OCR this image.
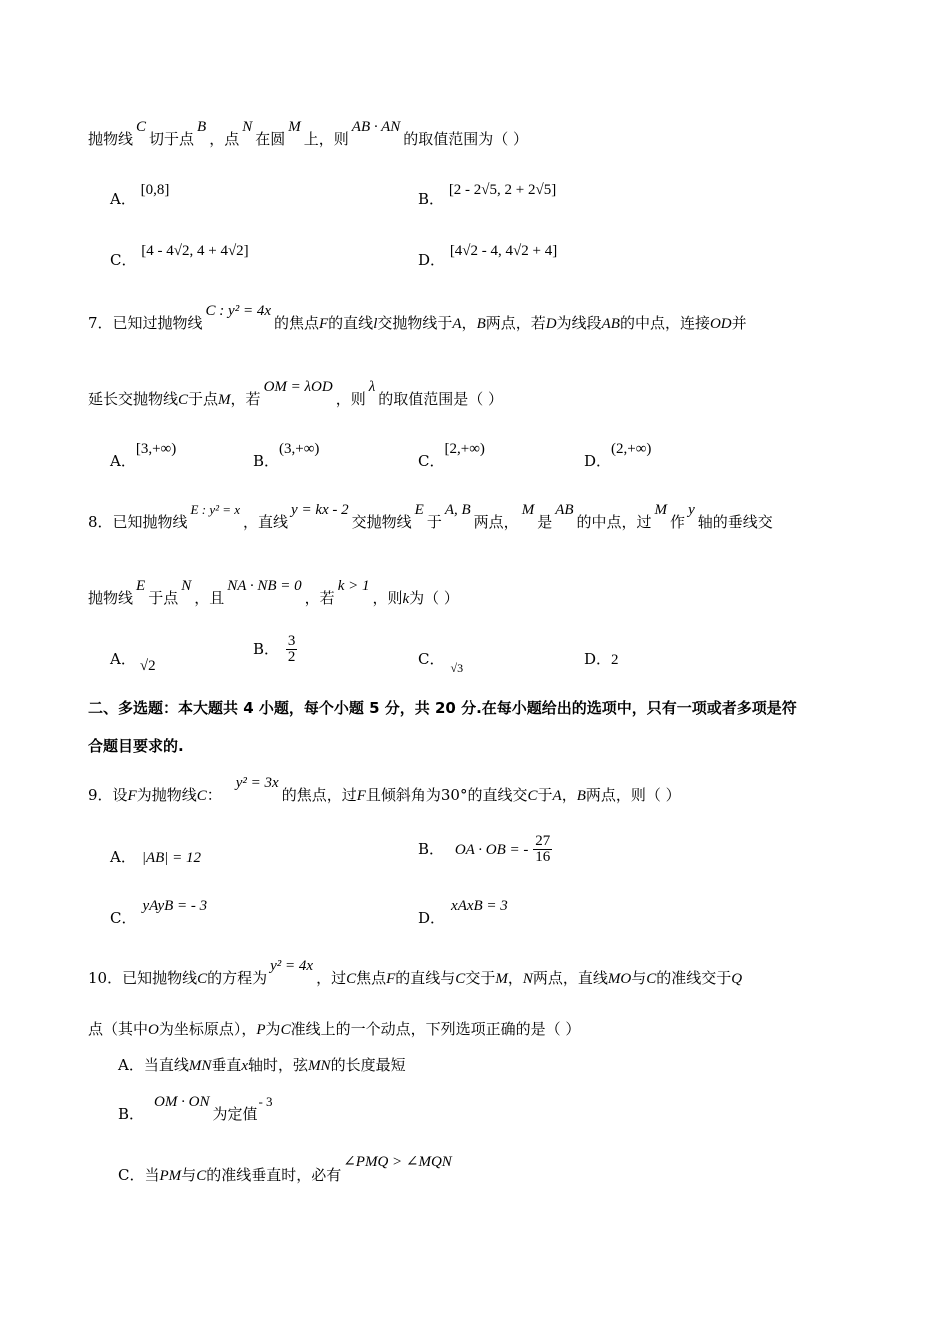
抛物线C切于点B，点N在圆M上，则AB · AN的取值范围为（ ）
A． [0,8]	B． [2 - 2√5, 2 + 2√5]
C． [4 - 4√2, 4 + 4√2]	D． [4√2 - 4, 4√2 + 4]
7．已知过抛物线C : y² = 4x的焦点F的直线l交抛物线于A，B两点，若D为线段AB的中点，连接OD并
延长交抛物线C于点M，若OM = λOD，则λ的取值范围是（ ）
A．[3,+∞)
B．(3,+∞)
C．[2,+∞)
D．(2,+∞)
8．已知抛物线E : y² = x，直线y = kx - 2交抛物线E于A, B两点，M是AB的中点，过M作y轴的垂线交
抛物线E于点N，且NA · NB = 0，若k > 1，则k为（ ）
A． √2
B． $\frac{3}{2}$	C． $_{√3}$	D．2
二、多选题：本大题共 4 小题，每个小题 5 分，共 20 分.在每小题给出的选项中，只有一项或者多项是符
合题目要求的.
9．设F为抛物线C：y² = 3x的焦点，过F且倾斜角为30°的直线交C于A，B两点，则（ ）
A． |AB| = 12
B． OA · OB = - $\frac{27}{16}$
C．yAyB = - 3
D．xAxB = 3
10．已知抛物线C的方程为y² = 4x，过C焦点F的直线与C交于M，N两点，直线MO与C的准线交于Q
点（其中O为坐标原点），P为C准线上的一个动点，下列选项正确的是（ ）
A．当直线MN垂直x轴时，弦MN的长度最短
B．OM · ON为定值- 3
C．当PM与C的准线垂直时，必有∠PMQ > ∠MQN
